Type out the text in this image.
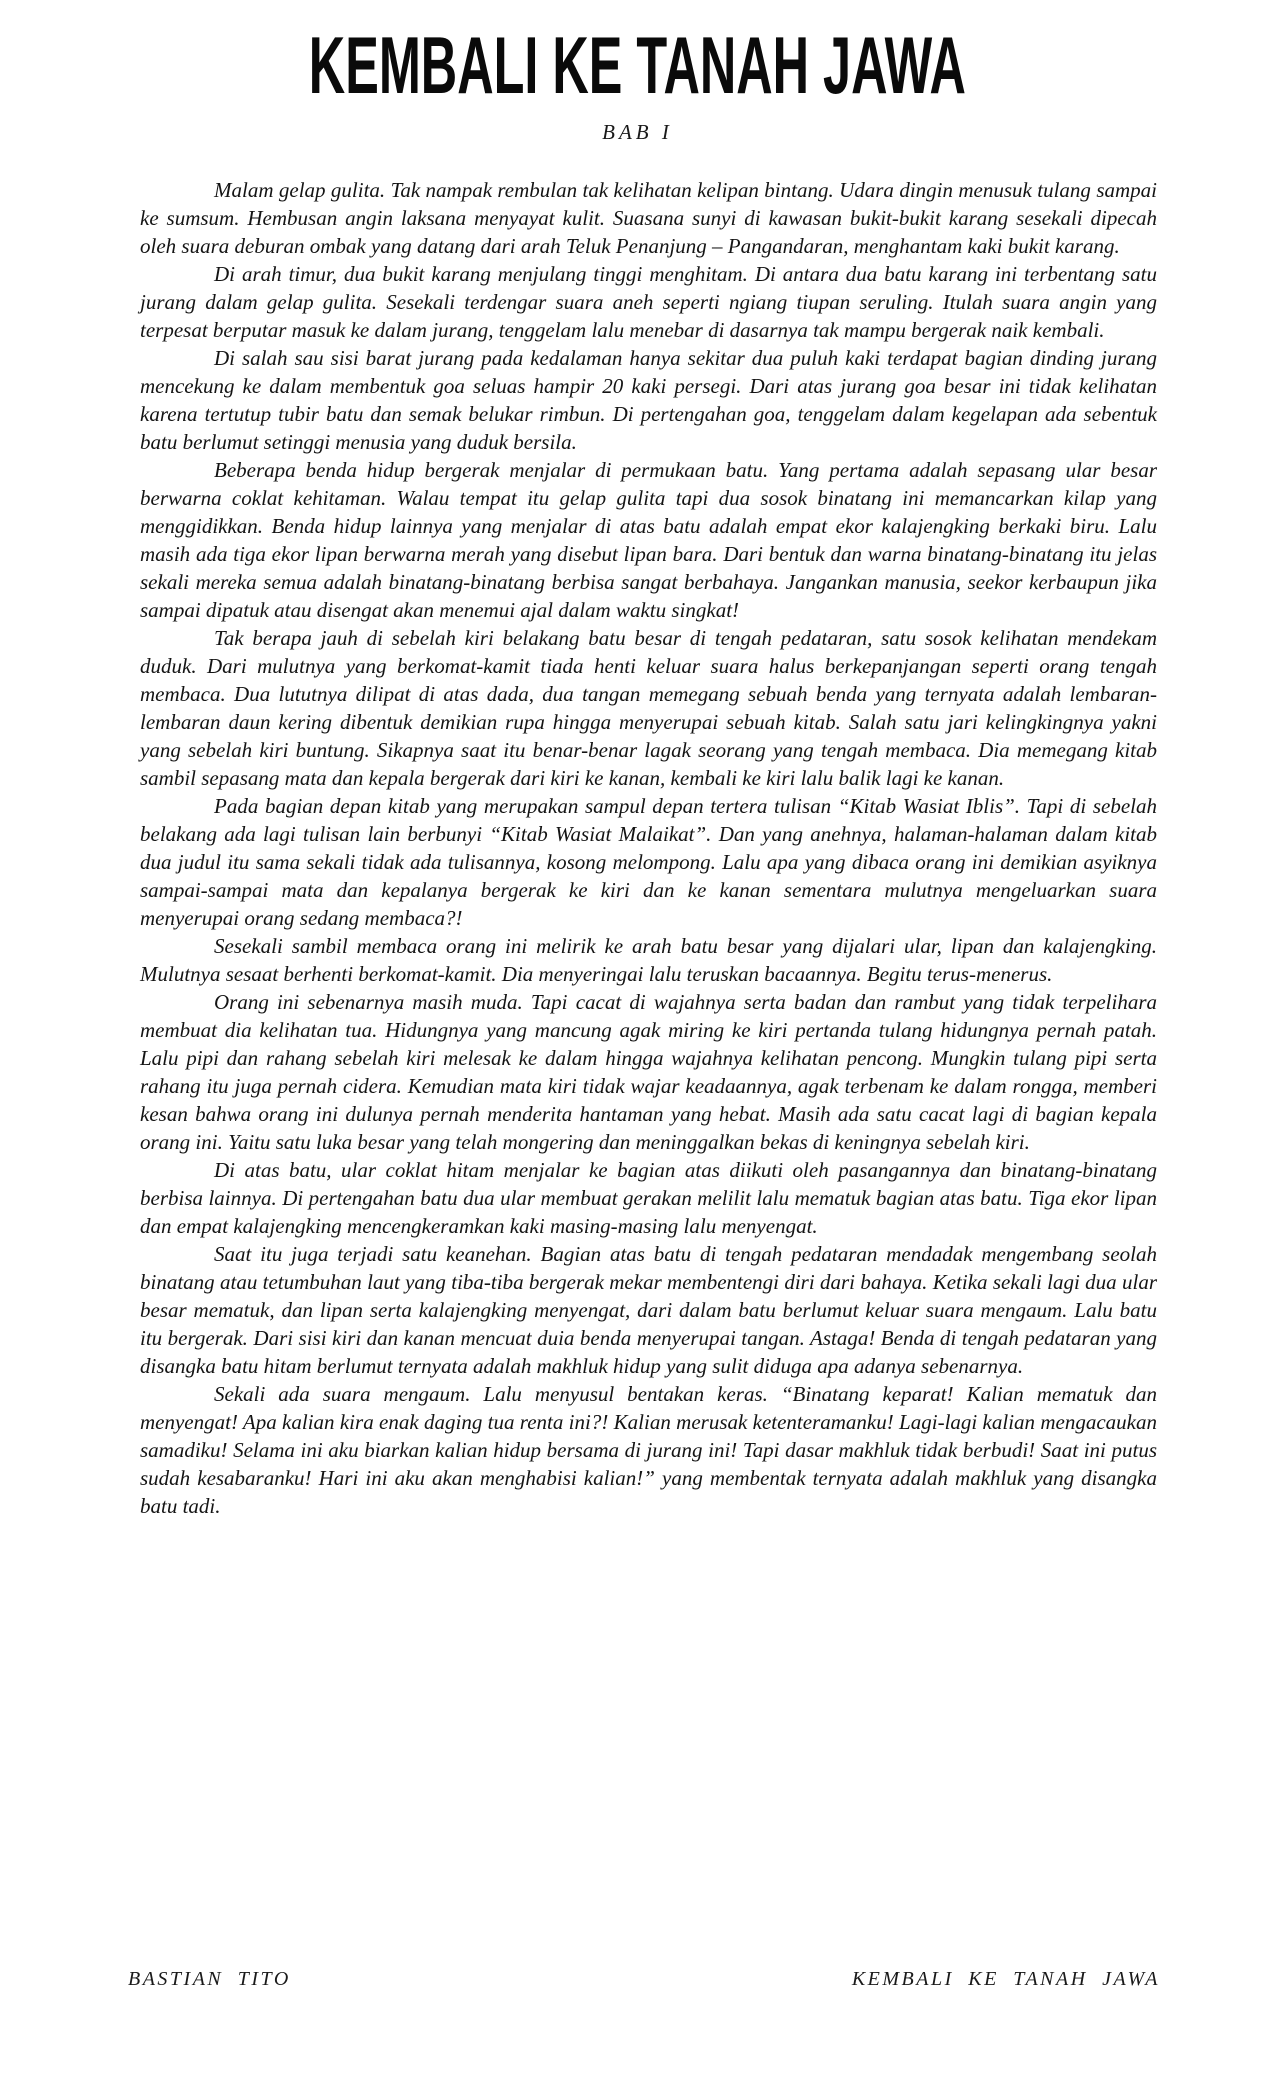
KEMBALI KE TANAH JAWA
BAB I

Malam gelap gulita. Tak nampak rembulan tak kelihatan kelipan bintang. Udara dingin menusuk tulang sampai ke sumsum. Hembusan angin laksana menyayat kulit. Suasana sunyi di kawasan bukit-bukit karang sesekali dipecah oleh suara deburan ombak yang datang dari arah Teluk Penanjung – Pangandaran, menghantam kaki bukit karang.

Di arah timur, dua bukit karang menjulang tinggi menghitam. Di antara dua batu karang ini terbentang satu jurang dalam gelap gulita. Sesekali terdengar suara aneh seperti ngiang tiupan seruling. Itulah suara angin yang terpesat berputar masuk ke dalam jurang, tenggelam lalu menebar di dasarnya tak mampu bergerak naik kembali.

Di salah sau sisi barat jurang pada kedalaman hanya sekitar dua puluh kaki terdapat bagian dinding jurang mencekung ke dalam membentuk goa seluas hampir 20 kaki persegi. Dari atas jurang goa besar ini tidak kelihatan karena tertutup tubir batu dan semak belukar rimbun. Di pertengahan goa, tenggelam dalam kegelapan ada sebentuk batu berlumut setinggi menusia yang duduk bersila.

Beberapa benda hidup bergerak menjalar di permukaan batu. Yang pertama adalah sepasang ular besar berwarna coklat kehitaman. Walau tempat itu gelap gulita tapi dua sosok binatang ini memancarkan kilap yang menggidikkan. Benda hidup lainnya yang menjalar di atas batu adalah empat ekor kalajengking berkaki biru. Lalu masih ada tiga ekor lipan berwarna merah yang disebut lipan bara. Dari bentuk dan warna binatang-binatang itu jelas sekali mereka semua adalah binatang-binatang berbisa sangat berbahaya. Jangankan manusia, seekor kerbaupun jika sampai dipatuk atau disengat akan menemui ajal dalam waktu singkat!

Tak berapa jauh di sebelah kiri belakang batu besar di tengah pedataran, satu sosok kelihatan mendekam duduk. Dari mulutnya yang berkomat-kamit tiada henti keluar suara halus berkepanjangan seperti orang tengah membaca. Dua lututnya dilipat di atas dada, dua tangan memegang sebuah benda yang ternyata adalah lembaran-lembaran daun kering dibentuk demikian rupa hingga menyerupai sebuah kitab. Salah satu jari kelingkingnya yakni yang sebelah kiri buntung. Sikapnya saat itu benar-benar lagak seorang yang tengah membaca. Dia memegang kitab sambil sepasang mata dan kepala bergerak dari kiri ke kanan, kembali ke kiri lalu balik lagi ke kanan.

Pada bagian depan kitab yang merupakan sampul depan tertera tulisan “Kitab Wasiat Iblis”. Tapi di sebelah belakang ada lagi tulisan lain berbunyi “Kitab Wasiat Malaikat”. Dan yang anehnya, halaman-halaman dalam kitab dua judul itu sama sekali tidak ada tulisannya, kosong melompong. Lalu apa yang dibaca orang ini demikian asyiknya sampai-sampai mata dan kepalanya bergerak ke kiri dan ke kanan sementara mulutnya mengeluarkan suara menyerupai orang sedang membaca?!

Sesekali sambil membaca orang ini melirik ke arah batu besar yang dijalari ular, lipan dan kalajengking. Mulutnya sesaat berhenti berkomat-kamit. Dia menyeringai lalu teruskan bacaannya. Begitu terus-menerus.

Orang ini sebenarnya masih muda. Tapi cacat di wajahnya serta badan dan rambut yang tidak terpelihara membuat dia kelihatan tua. Hidungnya yang mancung agak miring ke kiri pertanda tulang hidungnya pernah patah. Lalu pipi dan rahang sebelah kiri melesak ke dalam hingga wajahnya kelihatan pencong. Mungkin tulang pipi serta rahang itu juga pernah cidera. Kemudian mata kiri tidak wajar keadaannya, agak terbenam ke dalam rongga, memberi kesan bahwa orang ini dulunya pernah menderita hantaman yang hebat. Masih ada satu cacat lagi di bagian kepala orang ini. Yaitu satu luka besar yang telah mongering dan meninggalkan bekas di keningnya sebelah kiri.

Di atas batu, ular coklat hitam menjalar ke bagian atas diikuti oleh pasangannya dan binatang-binatang berbisa lainnya. Di pertengahan batu dua ular membuat gerakan melilit lalu mematuk bagian atas batu. Tiga ekor lipan dan empat kalajengking mencengkeramkan kaki masing-masing lalu menyengat.

Saat itu juga terjadi satu keanehan. Bagian atas batu di tengah pedataran mendadak mengembang seolah binatang atau tetumbuhan laut yang tiba-tiba bergerak mekar membentengi diri dari bahaya. Ketika sekali lagi dua ular besar mematuk, dan lipan serta kalajengking menyengat, dari dalam batu berlumut keluar suara mengaum. Lalu batu itu bergerak. Dari sisi kiri dan kanan mencuat duia benda menyerupai tangan. Astaga! Benda di tengah pedataran yang disangka batu hitam berlumut ternyata adalah makhluk hidup yang sulit diduga apa adanya sebenarnya.

Sekali ada suara mengaum. Lalu menyusul bentakan keras. “Binatang keparat! Kalian mematuk dan menyengat! Apa kalian kira enak daging tua renta ini?! Kalian merusak ketenteramanku! Lagi-lagi kalian mengacaukan samadiku! Selama ini aku biarkan kalian hidup bersama di jurang ini! Tapi dasar makhluk tidak berbudi! Saat ini putus sudah kesabaranku! Hari ini aku akan menghabisi kalian!” yang membentak ternyata adalah makhluk yang disangka batu tadi.

BASTIAN TITO	KEMBALI KE TANAH JAWA
